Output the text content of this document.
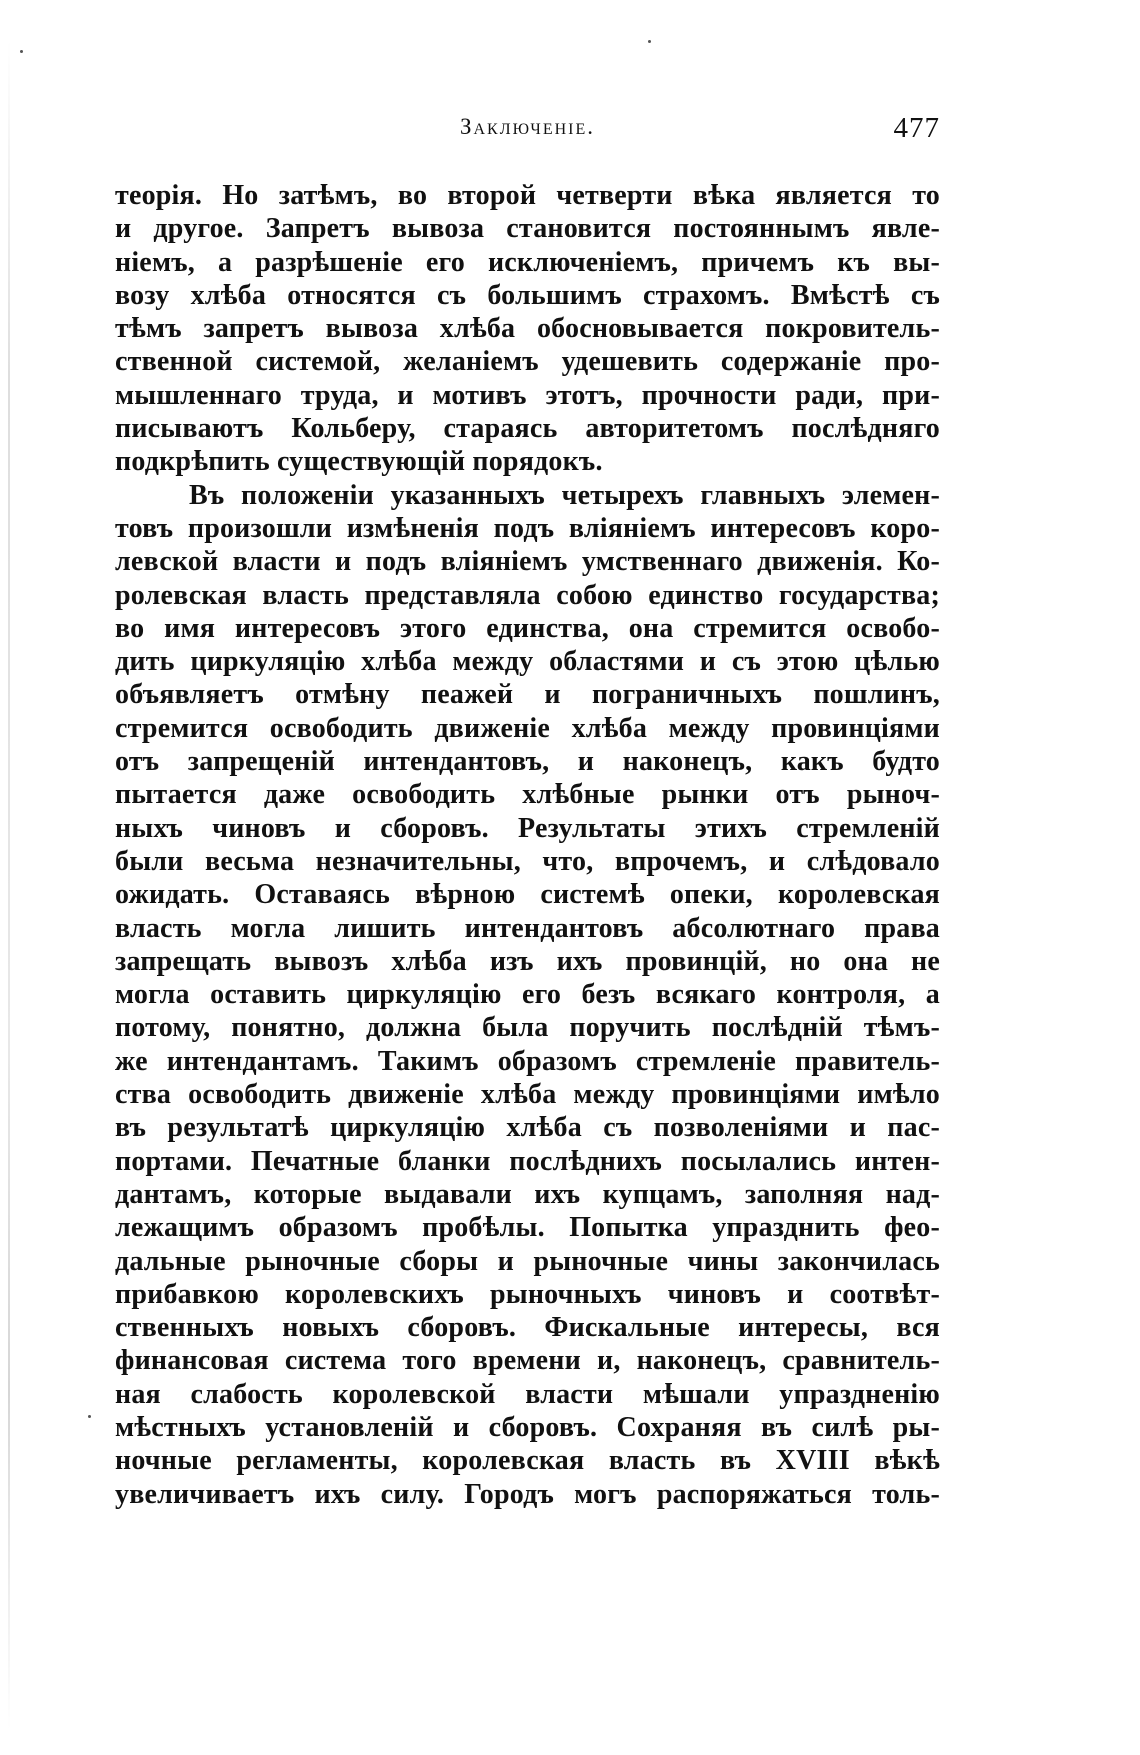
Заключеніе.	477
теорія. Но затѣмъ, во второй четверти вѣка является то
и другое. Запретъ вывоза становится постояннымъ явле-
ніемъ, а разрѣшеніе его исключеніемъ, причемъ къ вы-
возу хлѣба относятся съ большимъ страхомъ. Вмѣстѣ съ
тѣмъ запретъ вывоза хлѣба обосновывается покровитель-
ственной системой, желаніемъ удешевить содержаніе про-
мышленнаго труда, и мотивъ этотъ, прочности ради, при-
писываютъ Кольберу, стараясь авторитетомъ послѣдняго
подкрѣпить существующій порядокъ.
Въ положеніи указанныхъ четырехъ главныхъ элемен-
товъ произошли измѣненія подъ вліяніемъ интересовъ коро-
левской власти и подъ вліяніемъ умственнаго движенія. Ко-
ролевская власть представляла собою единство государства;
во имя интересовъ этого единства, она стремится освобо-
дить циркуляцію хлѣба между областями и съ этою цѣлью
объявляетъ отмѣну пеажей и пограничныхъ пошлинъ,
стремится освободить движеніе хлѣба между провинціями
отъ запрещеній интендантовъ, и наконецъ, какъ будто
пытается даже освободить хлѣбные рынки отъ рыноч-
ныхъ чиновъ и сборовъ. Результаты этихъ стремленій
были весьма незначительны, что, впрочемъ, и слѣдовало
ожидать. Оставаясь вѣрною системѣ опеки, королевская
власть могла лишить интендантовъ абсолютнаго права
запрещать вывозъ хлѣба изъ ихъ провинцій, но она не
могла оставить циркуляцію его безъ всякаго контроля, а
потому, понятно, должна была поручить послѣдній тѣмъ-
же интендантамъ. Такимъ образомъ стремленіе правитель-
ства освободить движеніе хлѣба между провинціями имѣло
въ результатѣ циркуляцію хлѣба съ позволеніями и пас-
портами. Печатные бланки послѣднихъ посылались интен-
дантамъ, которые выдавали ихъ купцамъ, заполняя над-
лежащимъ образомъ пробѣлы. Попытка упразднить фео-
дальные рыночные сборы и рыночные чины закончилась
прибавкою королевскихъ рыночныхъ чиновъ и соотвѣт-
ственныхъ новыхъ сборовъ. Фискальные интересы, вся
финансовая система того времени и, наконецъ, сравнитель-
ная слабость королевской власти мѣшали упраздненію
мѣстныхъ установленій и сборовъ. Сохраняя въ силѣ ры-
ночные регламенты, королевская власть въ XVIII вѣкѣ
увеличиваетъ ихъ силу. Городъ могъ распоряжаться толь-
